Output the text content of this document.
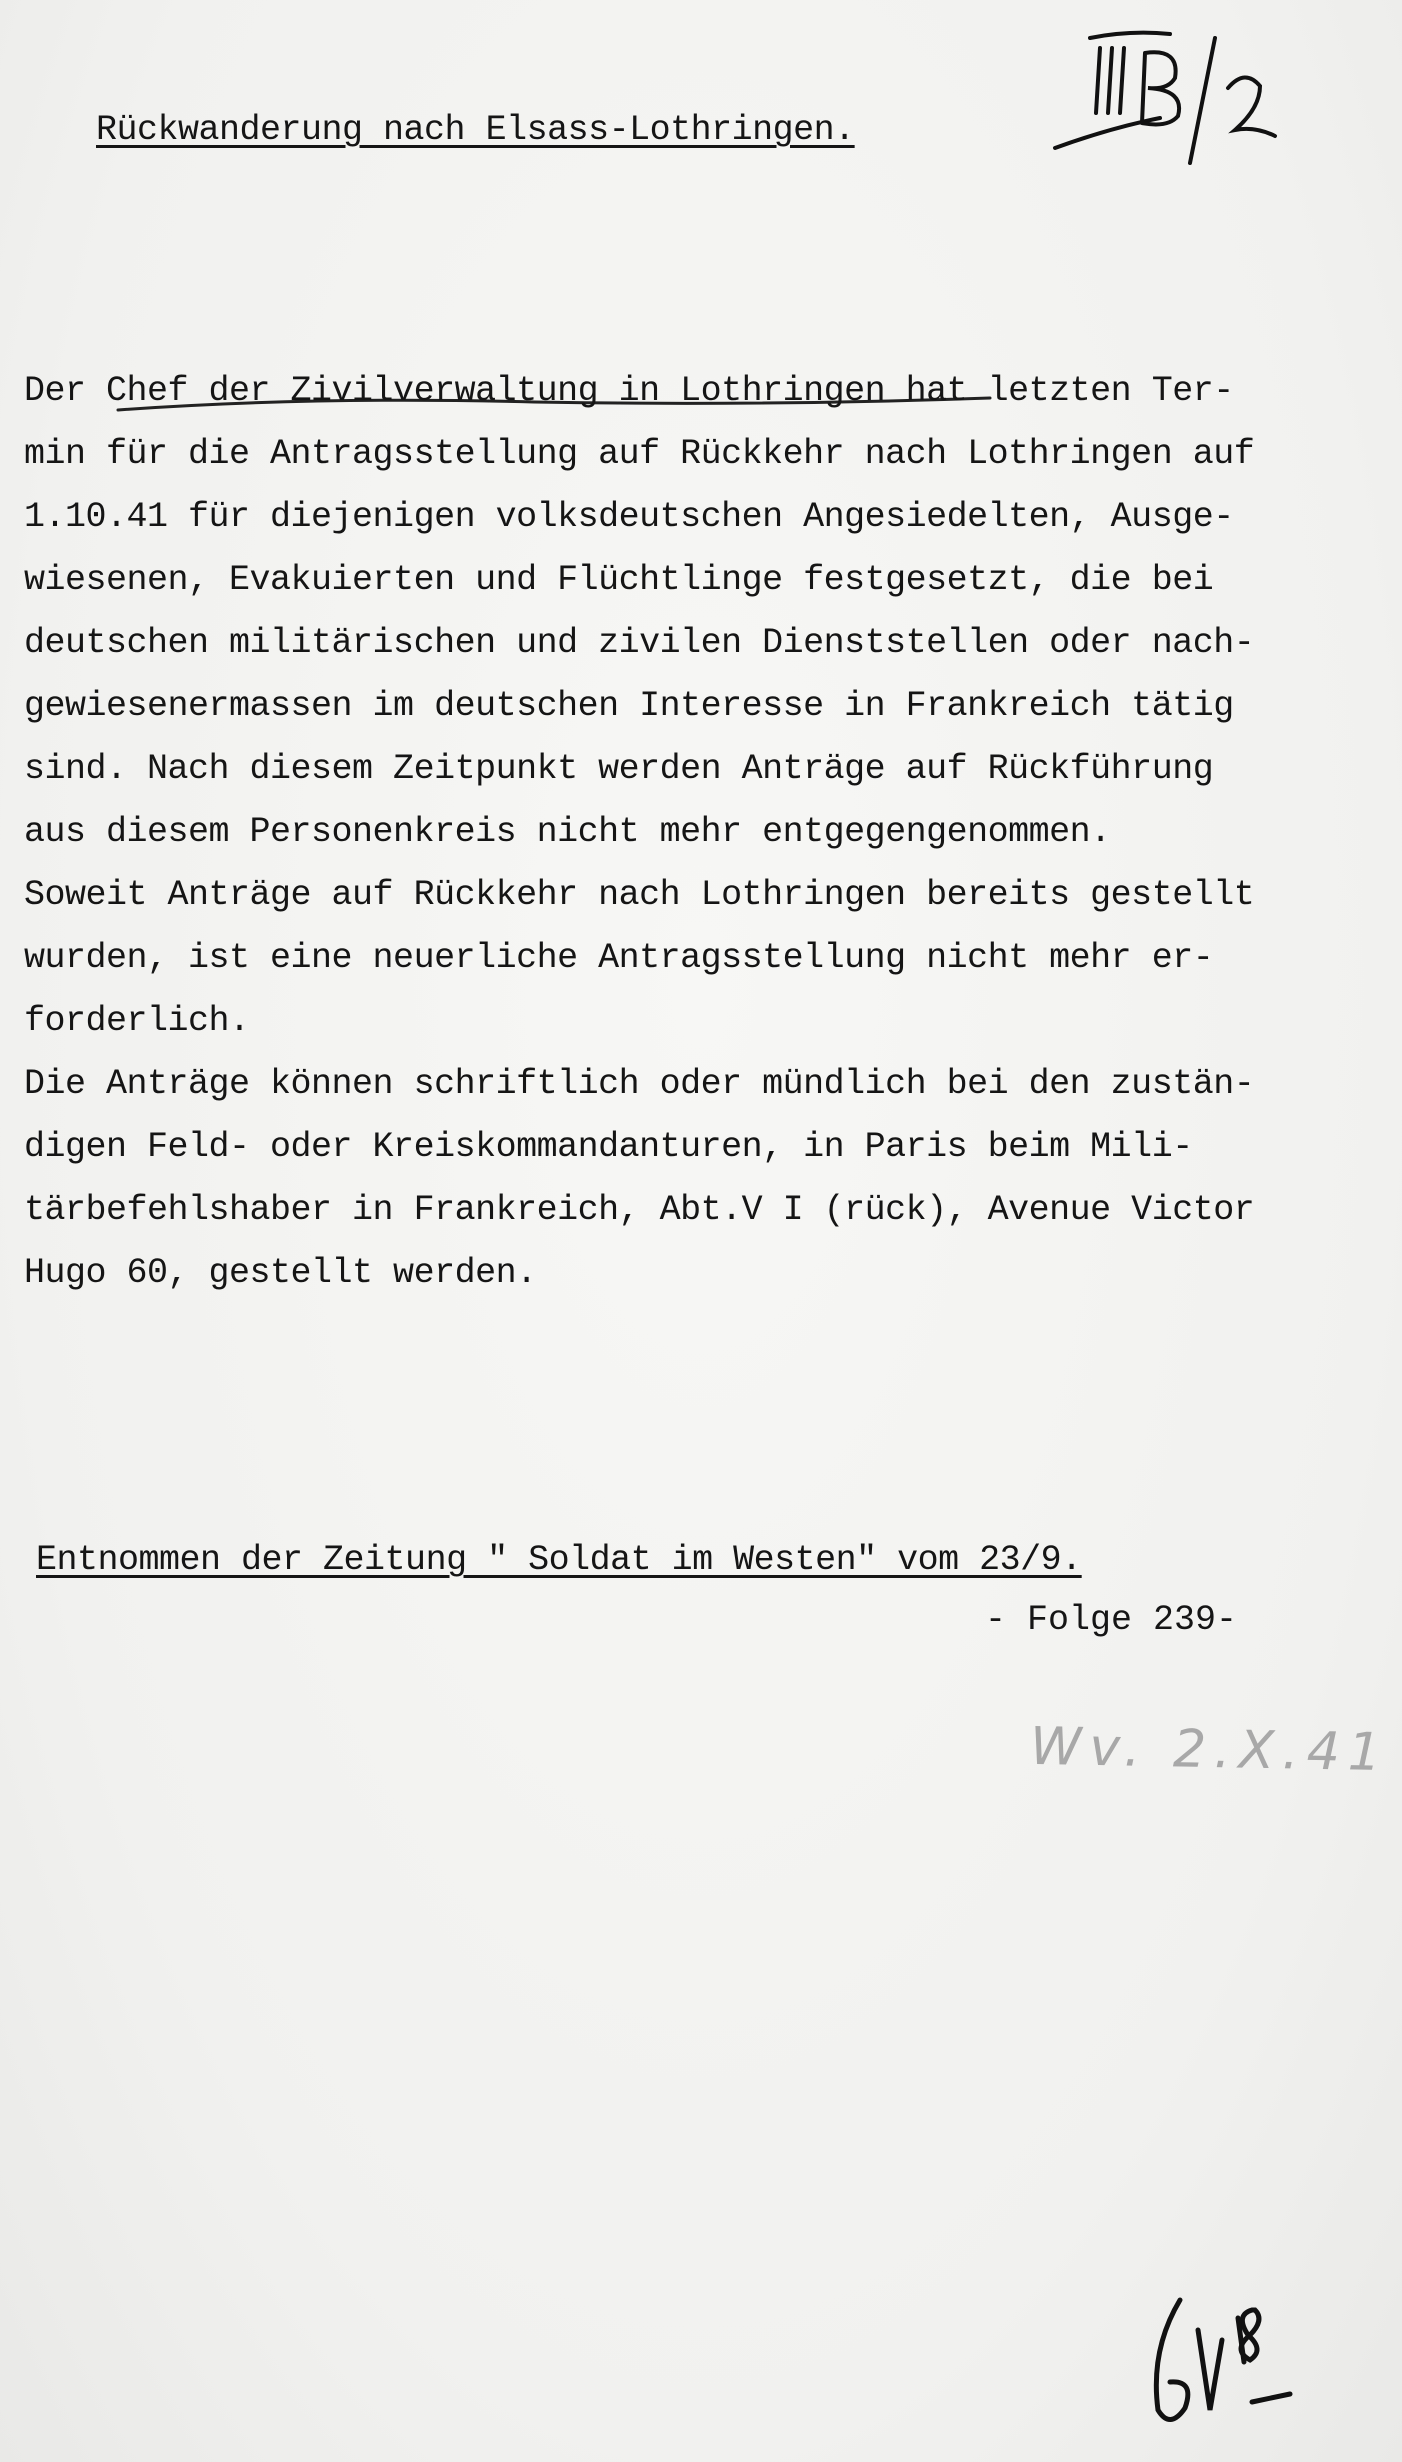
III B/2
Rückwanderung nach Elsass-Lothringen.
Der Chef der Zivilverwaltung in Lothringen hat letzten Ter-
min für die Antragsstellung auf Rückkehr nach Lothringen auf
1.10.41 für diejenigen volksdeutschen Angesiedelten, Ausge-
wiesenen, Evakuierten und Flüchtlinge festgesetzt, die bei
deutschen militärischen und zivilen Dienststellen oder nach-
gewiesenermassen im deutschen Interesse in Frankreich tätig
sind. Nach diesem Zeitpunkt werden Anträge auf Rückführung
aus diesem Personenkreis nicht mehr entgegengenommen.
Soweit Anträge auf Rückkehr nach Lothringen bereits gestellt
wurden, ist eine neuerliche Antragsstellung nicht mehr er-
forderlich.
Die Anträge können schriftlich oder mündlich bei den zustän-
digen Feld- oder Kreiskommandanturen, in Paris beim Mili-
tärbefehlshaber in Frankreich, Abt.V I (rück), Avenue Victor
Hugo 60, gestellt werden.
Entnommen der Zeitung " Soldat im Westen" vom 23/9.
- Folge 239-
Wv. 2.X.41
618
